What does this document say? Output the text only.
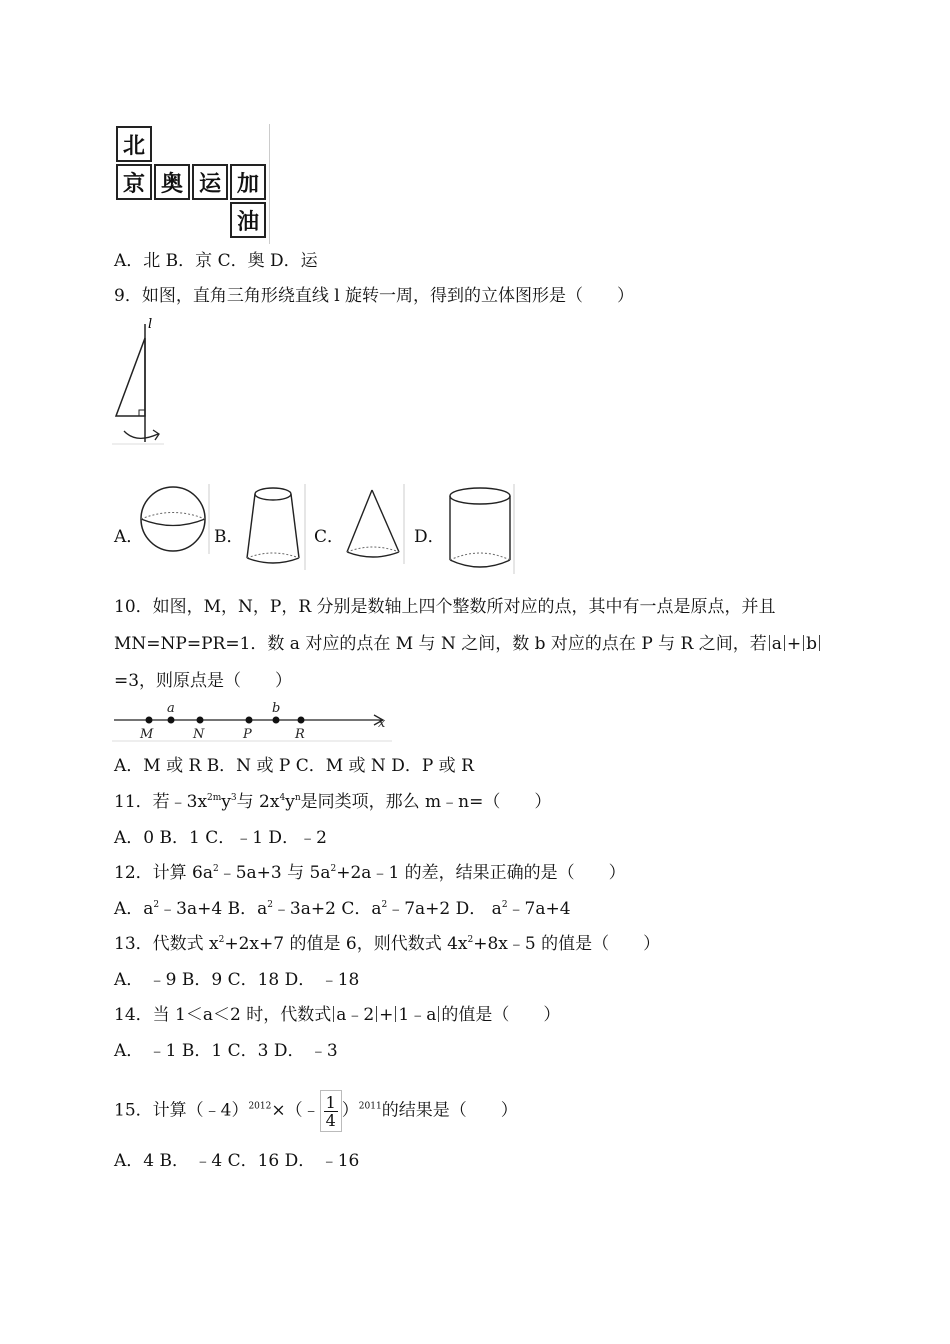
北
京 奥 运 加
油
A．北 B．京 C．奥 D．运
9．如图，直角三角形绕直线 l 旋转一周，得到的立体图形是（　　）
l
A．	B．	C．	D．
10．如图，M，N，P，R 分别是数轴上四个整数所对应的点，其中有一点是原点，并且
MN=NP=PR=1．数 a 对应的点在 M 与 N 之间，数 b 对应的点在 P 与 R 之间，若 a + b
=3，则原点是（　　）
M
a
N	P
b
R
x
A．M 或 R B．N 或 P C．M 或 N D．P 或 R
11．若$﹣3x^{2m}y^3$与 $2x^4y^n$是同类项，那么 m﹣n=（　　）
A．0 B．1 C．﹣1 D．﹣2
12．计算 $6a^2﹣5a+3$ 与 $5a^2+2a﹣1$ 的差，结果正确的是（　　）
A．$a^2﹣3a+4$ B．$a^2﹣3a+2$ C．$a^2﹣7a+2$ D． $a^2﹣7a+4$
13．代数式 $x^2+2x+7$ 的值是 6，则代数式 $4x^2+8x﹣5$ 的值是（　　）
A． ﹣9 B．9 C．18 D． ﹣18
14．当 1＜a＜2 时，代数式 a﹣2 + 1﹣a 的值是（　　）
A． ﹣1 B．1 C．3 D． ﹣3
15．计算（﹣4）$^{2012}$×（﹣ $\frac{1}{4} )^{2011}$的结果是（　　）
A．4 B． ﹣4 C．16 D． ﹣16
